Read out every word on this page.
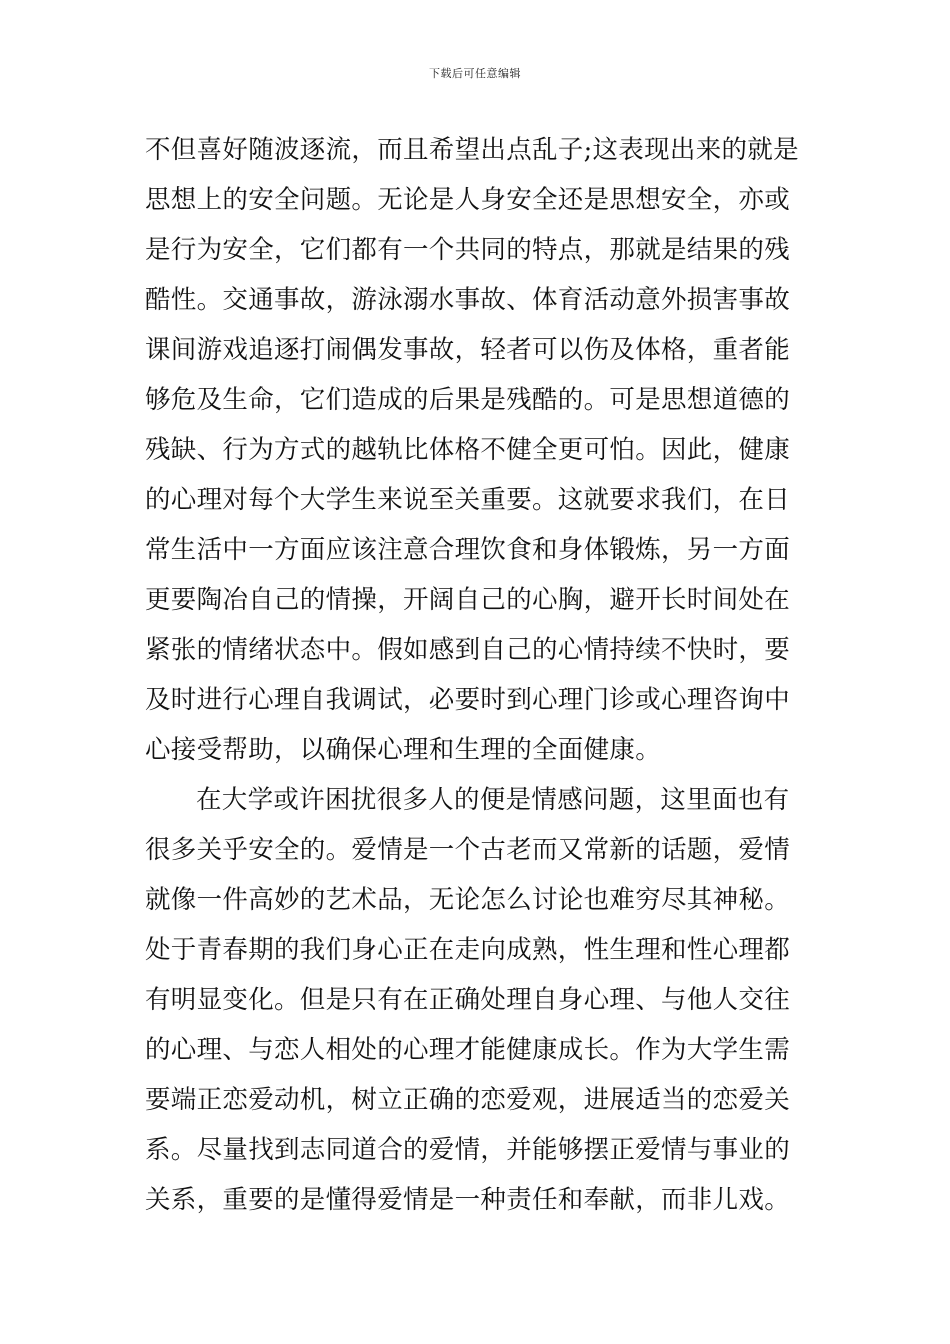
下载后可任意编辑
不但喜好随波逐流，而且希望出点乱子;这表现出来的就是
思想上的安全问题。无论是人身安全还是思想安全，亦或
是行为安全，它们都有一个共同的特点，那就是结果的残
酷性。交通事故，游泳溺水事故、体育活动意外损害事故
课间游戏追逐打闹偶发事故，轻者可以伤及体格，重者能
够危及生命，它们造成的后果是残酷的。可是思想道德的
残缺、行为方式的越轨比体格不健全更可怕。因此，健康
的心理对每个大学生来说至关重要。这就要求我们，在日
常生活中一方面应该注意合理饮食和身体锻炼，另一方面
更要陶冶自己的情操，开阔自己的心胸，避开长时间处在
紧张的情绪状态中。假如感到自己的心情持续不快时，要
及时进行心理自我调试，必要时到心理门诊或心理咨询中
心接受帮助，以确保心理和生理的全面健康。
在大学或许困扰很多人的便是情感问题，这里面也有
很多关乎安全的。爱情是一个古老而又常新的话题，爱情
就像一件高妙的艺术品，无论怎么讨论也难穷尽其神秘。
处于青春期的我们身心正在走向成熟，性生理和性心理都
有明显变化。但是只有在正确处理自身心理、与他人交往
的心理、与恋人相处的心理才能健康成长。作为大学生需
要端正恋爱动机，树立正确的恋爱观，进展适当的恋爱关
系。尽量找到志同道合的爱情，并能够摆正爱情与事业的
关系，重要的是懂得爱情是一种责任和奉献，而非儿戏。
